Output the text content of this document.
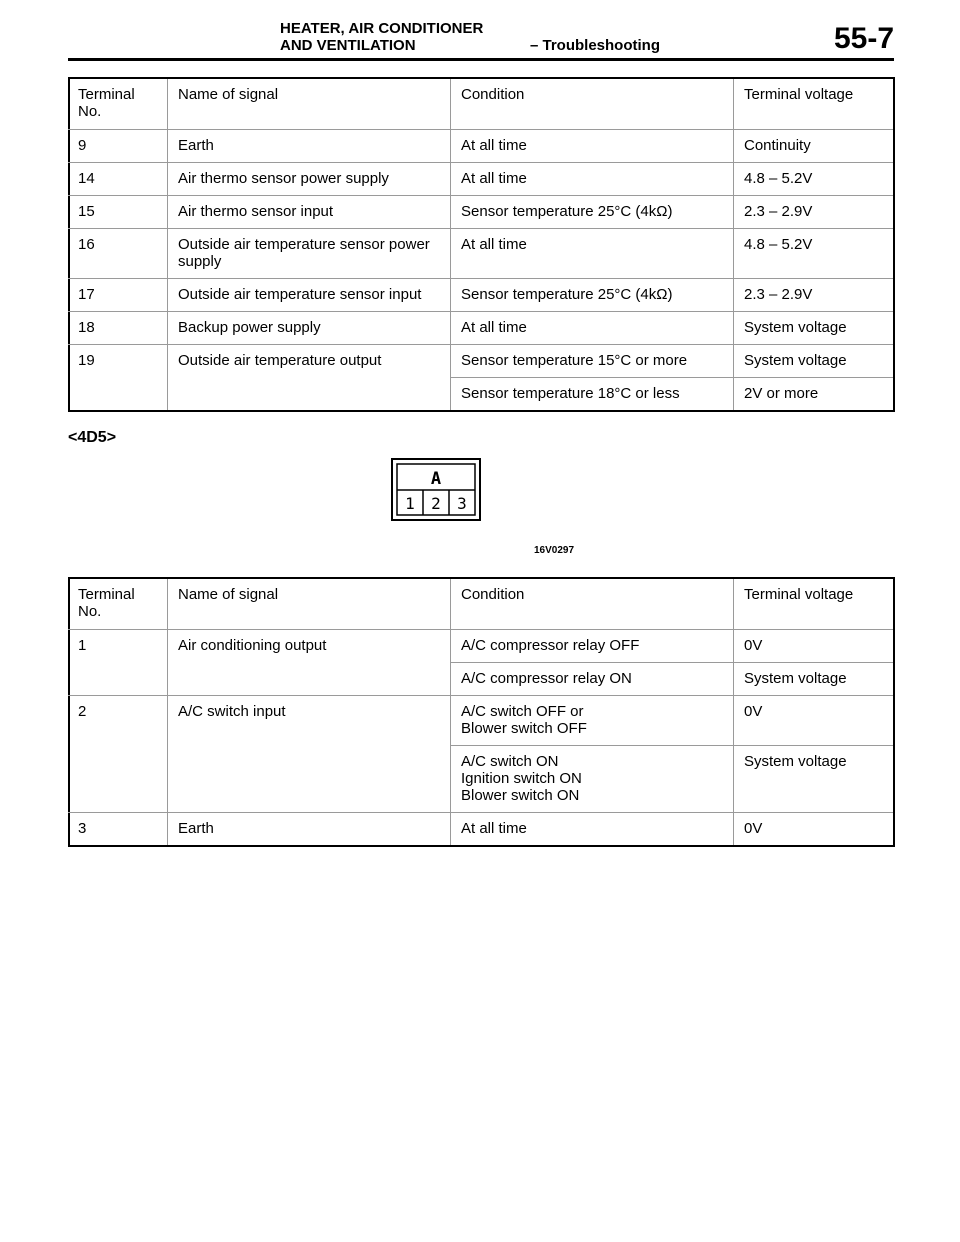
HEATER, AIR CONDITIONER
AND VENTILATION	– Troubleshooting	55-7
Terminal No.	Name of signal	Condition	Terminal voltage
9	Earth	At all time	Continuity
14	Air thermo sensor power supply	At all time	4.8 – 5.2V
15	Air thermo sensor input	Sensor temperature 25°C (4kΩ)	2.3 – 2.9V
16	Outside air temperature sensor power supply	At all time	4.8 – 5.2V
17	Outside air temperature sensor input	Sensor temperature 25°C (4kΩ)	2.3 – 2.9V
18	Backup power supply	At all time	System voltage
19	Outside air temperature output	Sensor temperature 15°C or more	System voltage
		Sensor temperature 18°C or less	2V or more
<4D5>
A
1 2 3
16V0297
Terminal No.	Name of signal	Condition	Terminal voltage
1	Air conditioning output	A/C compressor relay OFF	0V

		A/C compressor relay ON	System voltage
2	A/C switch input	A/C switch OFF or
Blower switch OFF	0V

		A/C switch ON
Ignition switch ON
Blower switch ON	System voltage
3	Earth	At all time	0V
